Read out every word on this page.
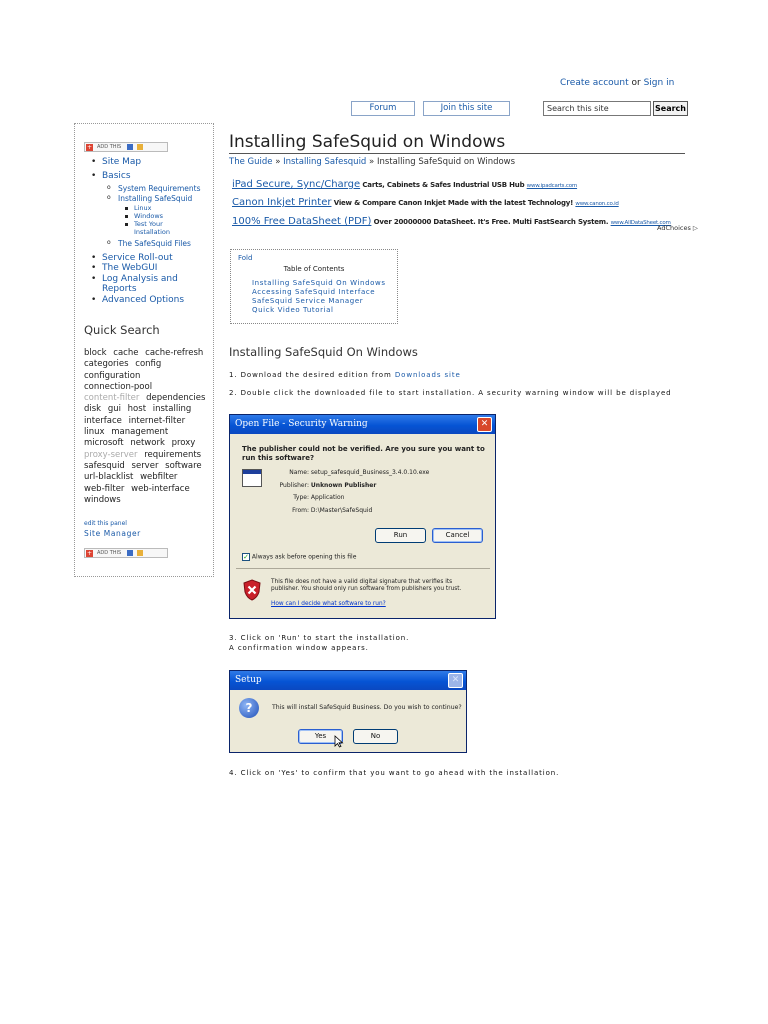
Create account or Sign in
Forum	Join this site
Search this site	Search
+ ADD THIS
• Site Map
• Basics
o System Requirements
o Installing SafeSquid
Linux
Windows
Test Your Installation
o The SafeSquid Files
• Service Roll-out
• The WebGUI
• Log Analysis and Reports
• Advanced Options
Quick Search
block cache cache-refresh categories config configuration connection-pool content-filter dependencies disk gui host installing interface internet-filter linux management microsoft network proxy proxy-server requirements safesquid server software url-blacklist webfilter web-filter web-interface windows
edit this panel
Site Manager
+ ADD THIS
Installing SafeSquid on Windows
The Guide » Installing Safesquid » Installing SafeSquid on Windows
iPad Secure, Sync/Charge Carts, Cabinets & Safes Industrial USB Hub www.ipadcarts.com
Canon Inkjet Printer View & Compare Canon Inkjet Made with the latest Technology! www.canon.co.id
100% Free DataSheet (PDF) Over 20000000 DataSheet. It's Free. Multi FastSearch System. www.AllDataSheet.com
AdChoices ▷
Fold
Table of Contents
Installing SafeSquid On Windows
Accessing SafeSquid Interface
SafeSquid Service Manager
Quick Video Tutorial
Installing SafeSquid On Windows
1. Download the desired edition from Downloads site
2. Double click the downloaded file to start installation. A security warning window will be displayed
Open File - Security Warning	✕
The publisher could not be verified. Are you sure you want to run this software?
Name: setup_safesquid_Business_3.4.0.10.exe
Publisher: Unknown Publisher
Type: Application
From: D:\Master\SafeSquid
Run	Cancel
✓ Always ask before opening this file
This file does not have a valid digital signature that verifies its publisher. You should only run software from publishers you trust.
How can I decide what software to run?
3. Click on 'Run' to start the installation.
A confirmation window appears.
Setup	✕
?	This will install SafeSquid Business. Do you wish to continue?
Yes	No
4. Click on 'Yes' to confirm that you want to go ahead with the installation.
